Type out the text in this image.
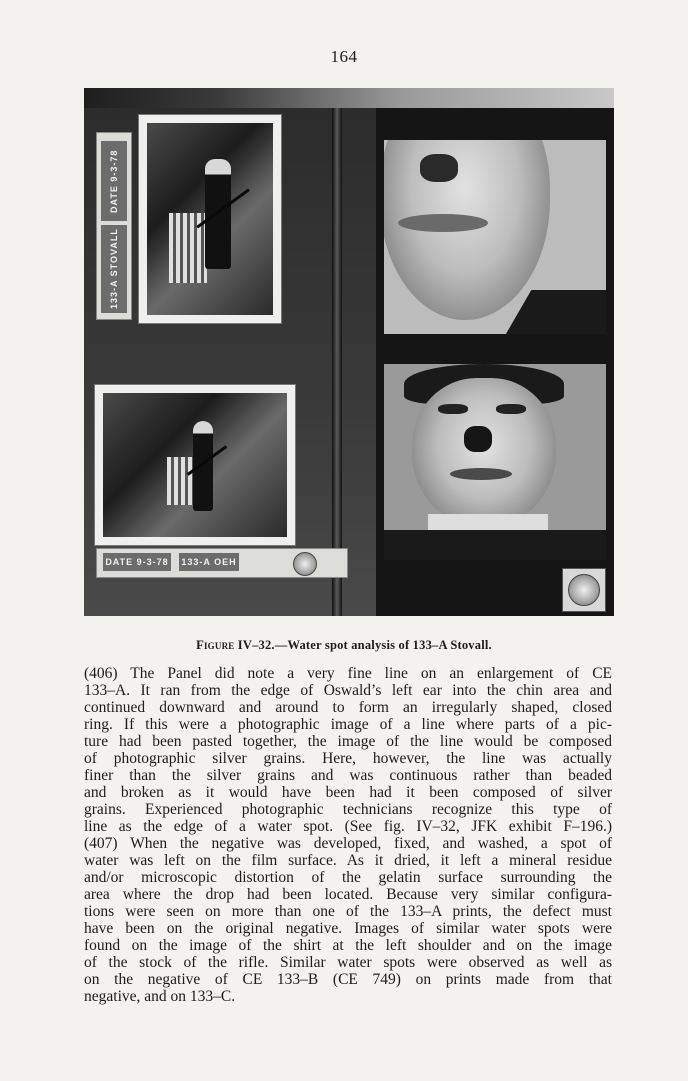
164
DATE 9-3-78
133-A STOVALL
DATE 9-3-78 133-A OEH
Figure IV–32.—Water spot analysis of 133–A Stovall.

(406) The Panel did note a very fine line on an enlargement of CE
133–A. It ran from the edge of Oswald’s left ear into the chin area and
continued downward and around to form an irregularly shaped, closed
ring. If this were a photographic image of a line where parts of a pic-
ture had been pasted together, the image of the line would be composed
of photographic silver grains. Here, however, the line was actually
finer than the silver grains and was continuous rather than beaded
and broken as it would have been had it been composed of silver
grains. Experienced photographic technicians recognize this type of
line as the edge of a water spot. (See fig. IV–32, JFK exhibit F–196.)

(407) When the negative was developed, fixed, and washed, a spot of
water was left on the film surface. As it dried, it left a mineral residue
and/or microscopic distortion of the gelatin surface surrounding the
area where the drop had been located. Because very similar configura-
tions were seen on more than one of the 133–A prints, the defect must
have been on the original negative. Images of similar water spots were
found on the image of the shirt at the left shoulder and on the image
of the stock of the rifle. Similar water spots were observed as well as
on the negative of CE 133–B (CE 749) on prints made from that
negative, and on 133–C.
